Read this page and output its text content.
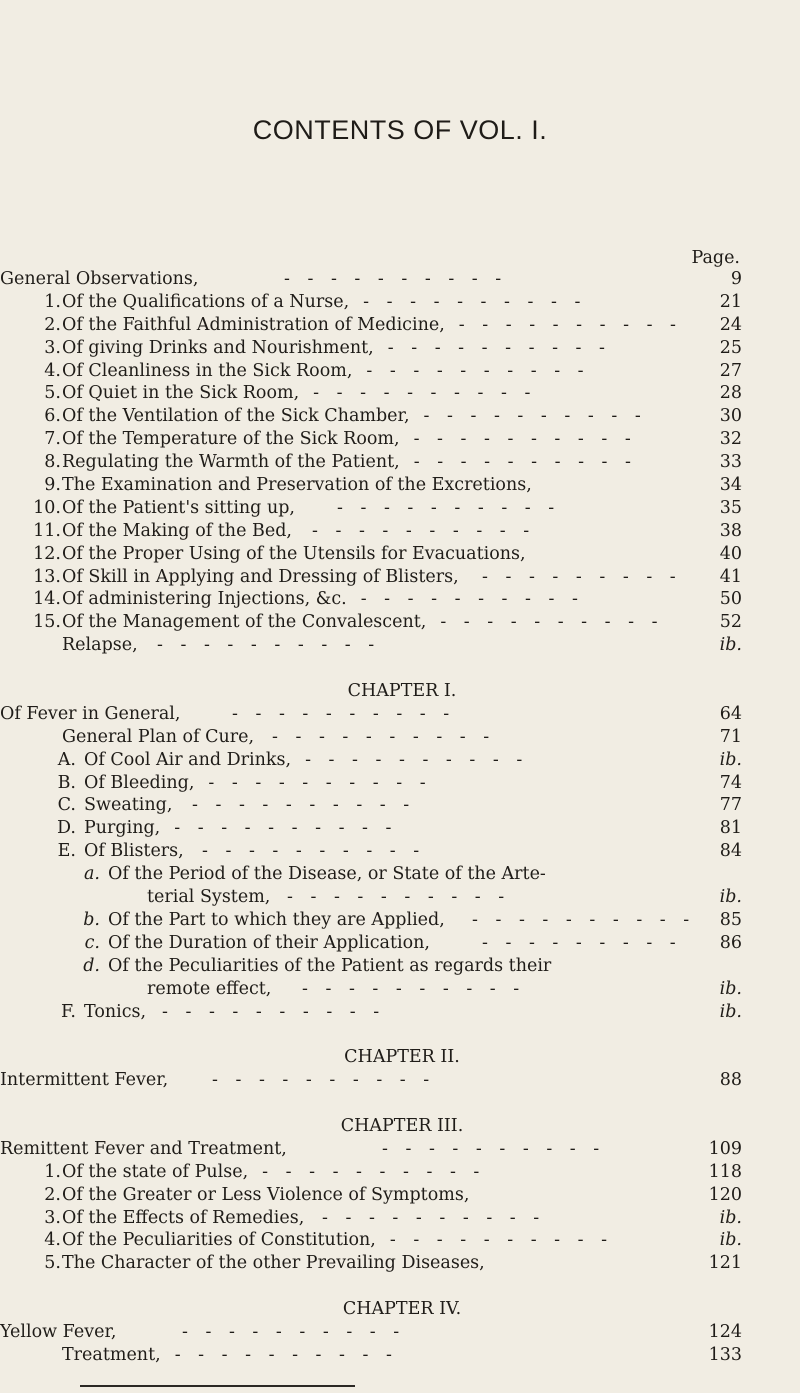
CONTENTS OF VOL. I.
Page.
General Observations,	- - - - - - - - - -	9
1. Of the Qualifications of a Nurse, - - - - - - - - - -	21
2. Of the Faithful Administration of Medicine, - - - - - - - - - - 24
3. Of giving Drinks and Nourishment, - - - - - - - - - -	25
4. Of Cleanliness in the Sick Room, - - - - - - - - - -	27
5. Of Quiet in the Sick Room, - - - - - - - - - -	28
6. Of the Ventilation of the Sick Chamber, - - - - - - - - - -	30
7. Of the Temperature of the Sick Room, - - - - - - - - - -	32
8. Regulating the Warmth of the Patient, - - - - - - - - - -	33
9. The Examination and Preservation of the Excretions,	34
10. Of the Patient's sitting up, - - - - - - - - - -	35
11. Of the Making of the Bed, - - - - - - - - - -	38
12. Of the Proper Using of the Utensils for Evacuations,	40
13. Of Skill in Applying and Dressing of Blisters, - - - - - - - - - 41
14. Of administering Injections, &c. - - - - - - - - - -	50
15. Of the Management of the Convalescent, - - - - - - - - - -	52
Relapse, - - - - - - - - - -	ib.
CHAPTER I.
Of Fever in General,	- - - - - - - - - -	64
General Plan of Cure, - - - - - - - - - -	71
A. Of Cool Air and Drinks, - - - - - - - - - -	ib.
B. Of Bleeding, - - - - - - - - - -	74
C. Sweating, - - - - - - - - - -	77
D. Purging, - - - - - - - - - -	81
E. Of Blisters, - - - - - - - - - -	84
a. Of the Period of the Disease, or State of the Arte-
terial System, - - - - - - - - - -	ib.
b. Of the Part to which they are Applied, - - - - - - - - - - 85
c. Of the Duration of their Application,	- - - - - - - - - 86
d. Of the Peculiarities of the Patient as regards their
remote effect, - - - - - - - - - -	ib.
F. Tonics, - - - - - - - - - -	ib.
CHAPTER II.
Intermittent Fever,	- - - - - - - - - -	88
CHAPTER III.
Remittent Fever and Treatment,	- - - - - - - - - -	109
1. Of the state of Pulse, - - - - - - - - - -	118
2. Of the Greater or Less Violence of Symptoms,	120
3. Of the Effects of Remedies, - - - - - - - - - -	ib.
4. Of the Peculiarities of Constitution, - - - - - - - - - -	ib.
5. The Character of the other Prevailing Diseases,	121
CHAPTER IV.
Yellow Fever,	- - - - - - - - - -	124
Treatment, - - - - - - - - - -	133
